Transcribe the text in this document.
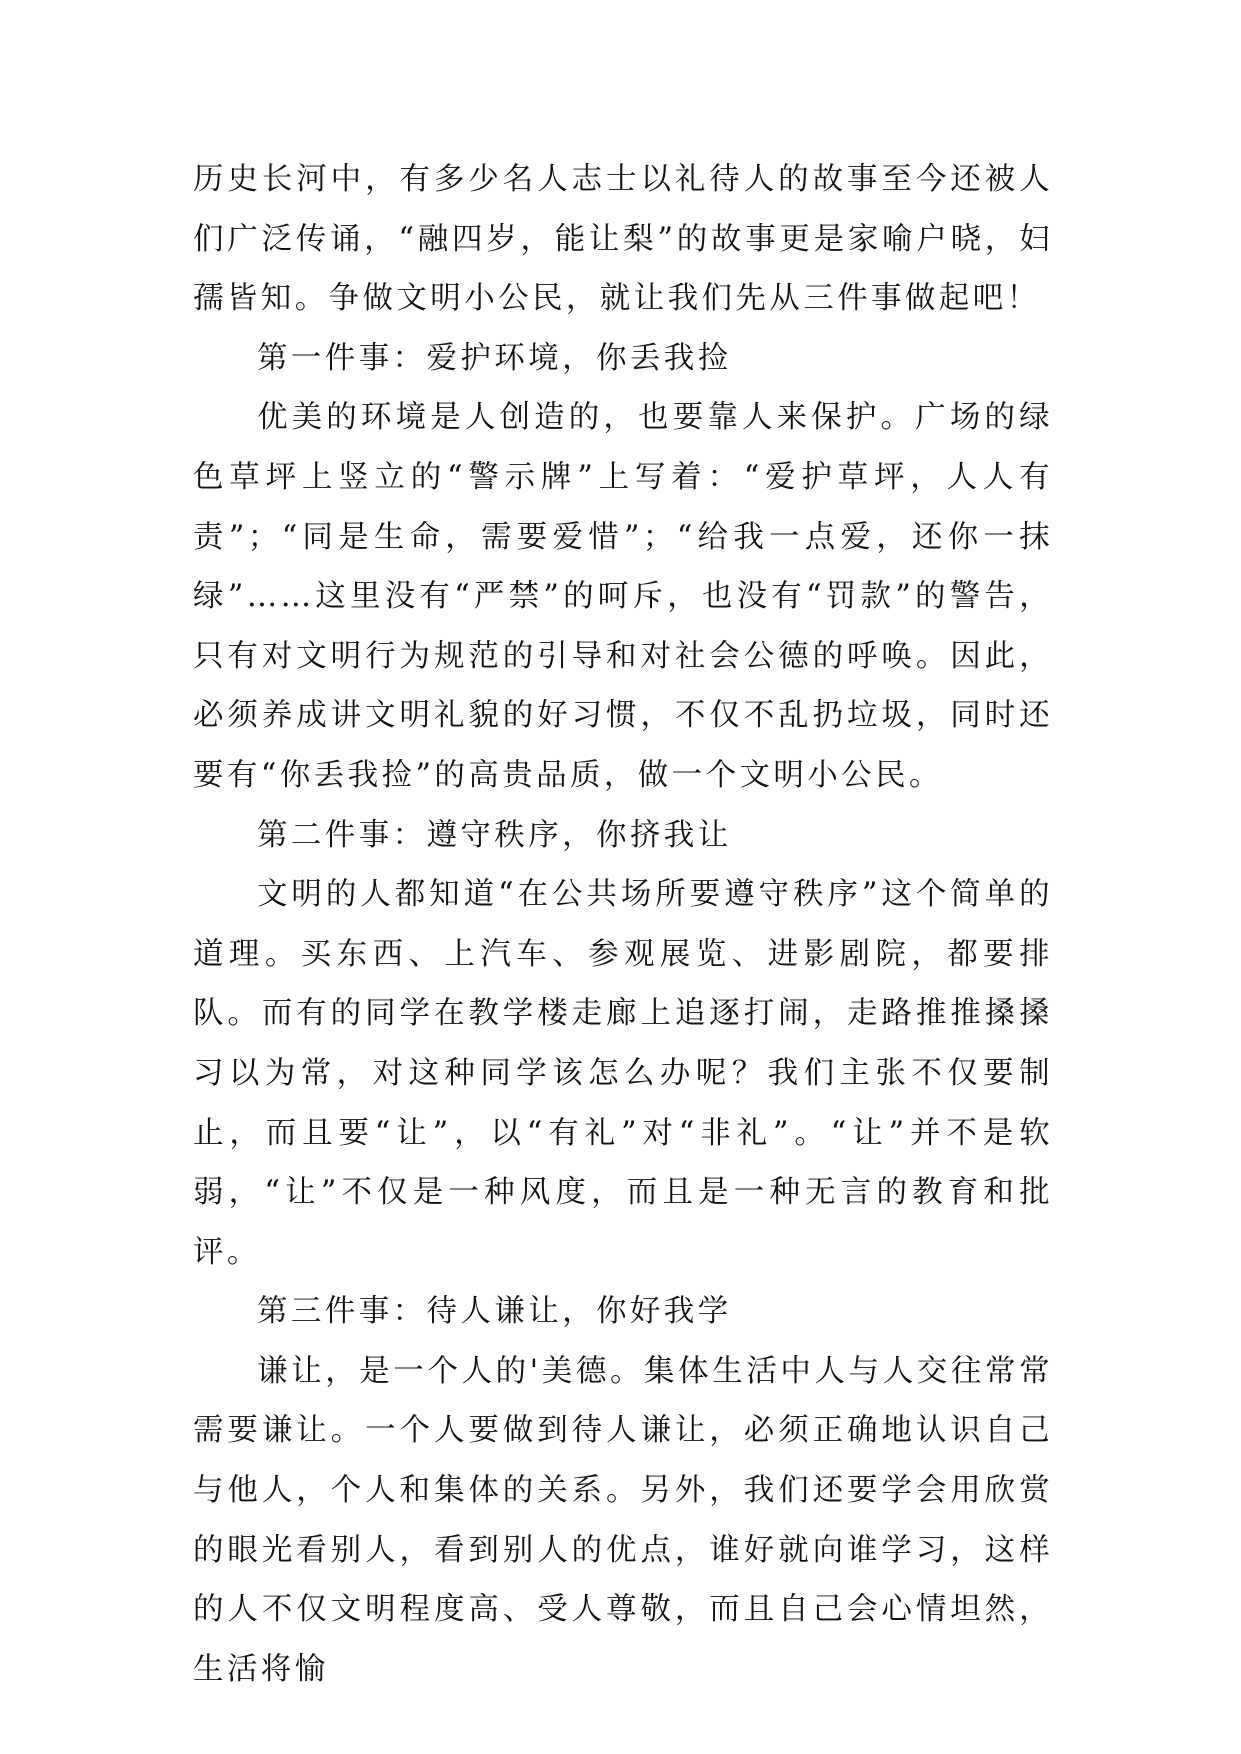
历史长河中，有多少名人志士以礼待人的故事至今还被人们广泛传诵，“融四岁，能让梨”的故事更是家喻户晓，妇孺皆知。争做文明小公民，就让我们先从三件事做起吧！

第一件事：爱护环境，你丢我捡

优美的环境是人创造的，也要靠人来保护。广场的绿色草坪上竖立的“警示牌”上写着：“爱护草坪，人人有责”；“同是生命，需要爱惜”；“给我一点爱，还你一抹绿”……这里没有“严禁”的呵斥，也没有“罚款”的警告，只有对文明行为规范的引导和对社会公德的呼唤。因此，必须养成讲文明礼貌的好习惯，不仅不乱扔垃圾，同时还要有“你丢我捡”的高贵品质，做一个文明小公民。

第二件事：遵守秩序，你挤我让

文明的人都知道“在公共场所要遵守秩序”这个简单的道理。买东西、上汽车、参观展览、进影剧院，都要排队。而有的同学在教学楼走廊上追逐打闹，走路推推搡搡习以为常，对这种同学该怎么办呢？我们主张不仅要制止，而且要“让”，以“有礼”对“非礼”。“让”并不是软弱，“让”不仅是一种风度，而且是一种无言的教育和批评。

第三件事：待人谦让，你好我学

谦让，是一个人的'美德。集体生活中人与人交往常常需要谦让。一个人要做到待人谦让，必须正确地认识自己与他人，个人和集体的关系。另外，我们还要学会用欣赏的眼光看别人，看到别人的优点，谁好就向谁学习，这样的人不仅文明程度高、受人尊敬，而且自己会心情坦然，生活将愉
